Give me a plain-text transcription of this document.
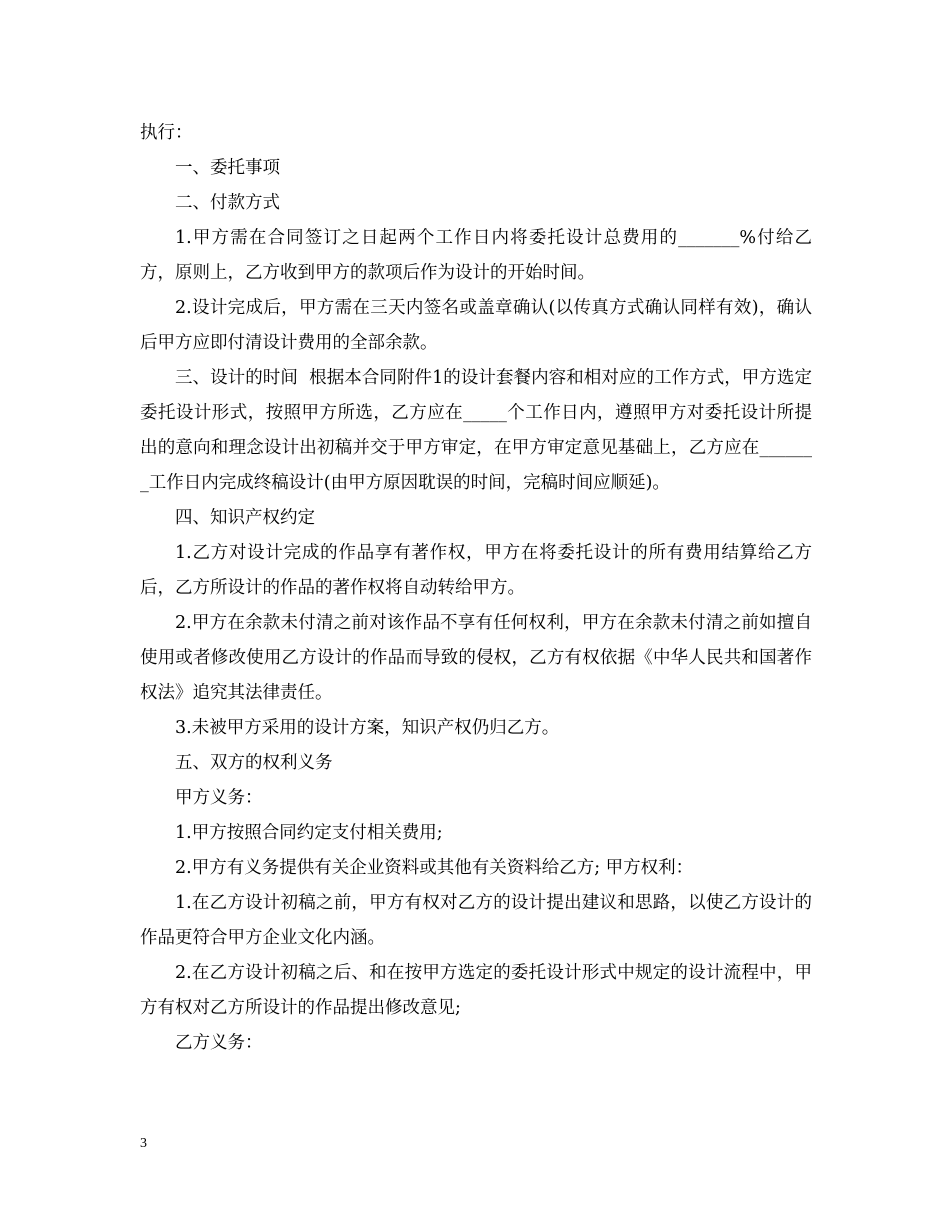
执行：

一、委托事项

二、付款方式

1.甲方需在合同签订之日起两个工作日内将委托设计总费用的_______%付给乙方，原则上，乙方收到甲方的款项后作为设计的开始时间。

2.设计完成后，甲方需在三天内签名或盖章确认(以传真方式确认同样有效)，确认后甲方应即付清设计费用的全部余款。

三、设计的时间  根据本合同附件1的设计套餐内容和相对应的工作方式，甲方选定委托设计形式，按照甲方所选，乙方应在_____个工作日内，遵照甲方对委托设计所提出的意向和理念设计出初稿并交于甲方审定，在甲方审定意见基础上，乙方应在_______工作日内完成终稿设计(由甲方原因耽误的时间，完稿时间应顺延)。

四、知识产权约定

1.乙方对设计完成的作品享有著作权，甲方在将委托设计的所有费用结算给乙方后，乙方所设计的作品的著作权将自动转给甲方。

2.甲方在余款未付清之前对该作品不享有任何权利，甲方在余款未付清之前如擅自使用或者修改使用乙方设计的作品而导致的侵权，乙方有权依据《中华人民共和国著作权法》追究其法律责任。

3.未被甲方采用的设计方案，知识产权仍归乙方。

五、双方的权利义务

甲方义务：

1.甲方按照合同约定支付相关费用;

2.甲方有义务提供有关企业资料或其他有关资料给乙方; 甲方权利：

1.在乙方设计初稿之前，甲方有权对乙方的设计提出建议和思路，以使乙方设计的作品更符合甲方企业文化内涵。

2.在乙方设计初稿之后、和在按甲方选定的委托设计形式中规定的设计流程中，甲方有权对乙方所设计的作品提出修改意见;

乙方义务：

3
